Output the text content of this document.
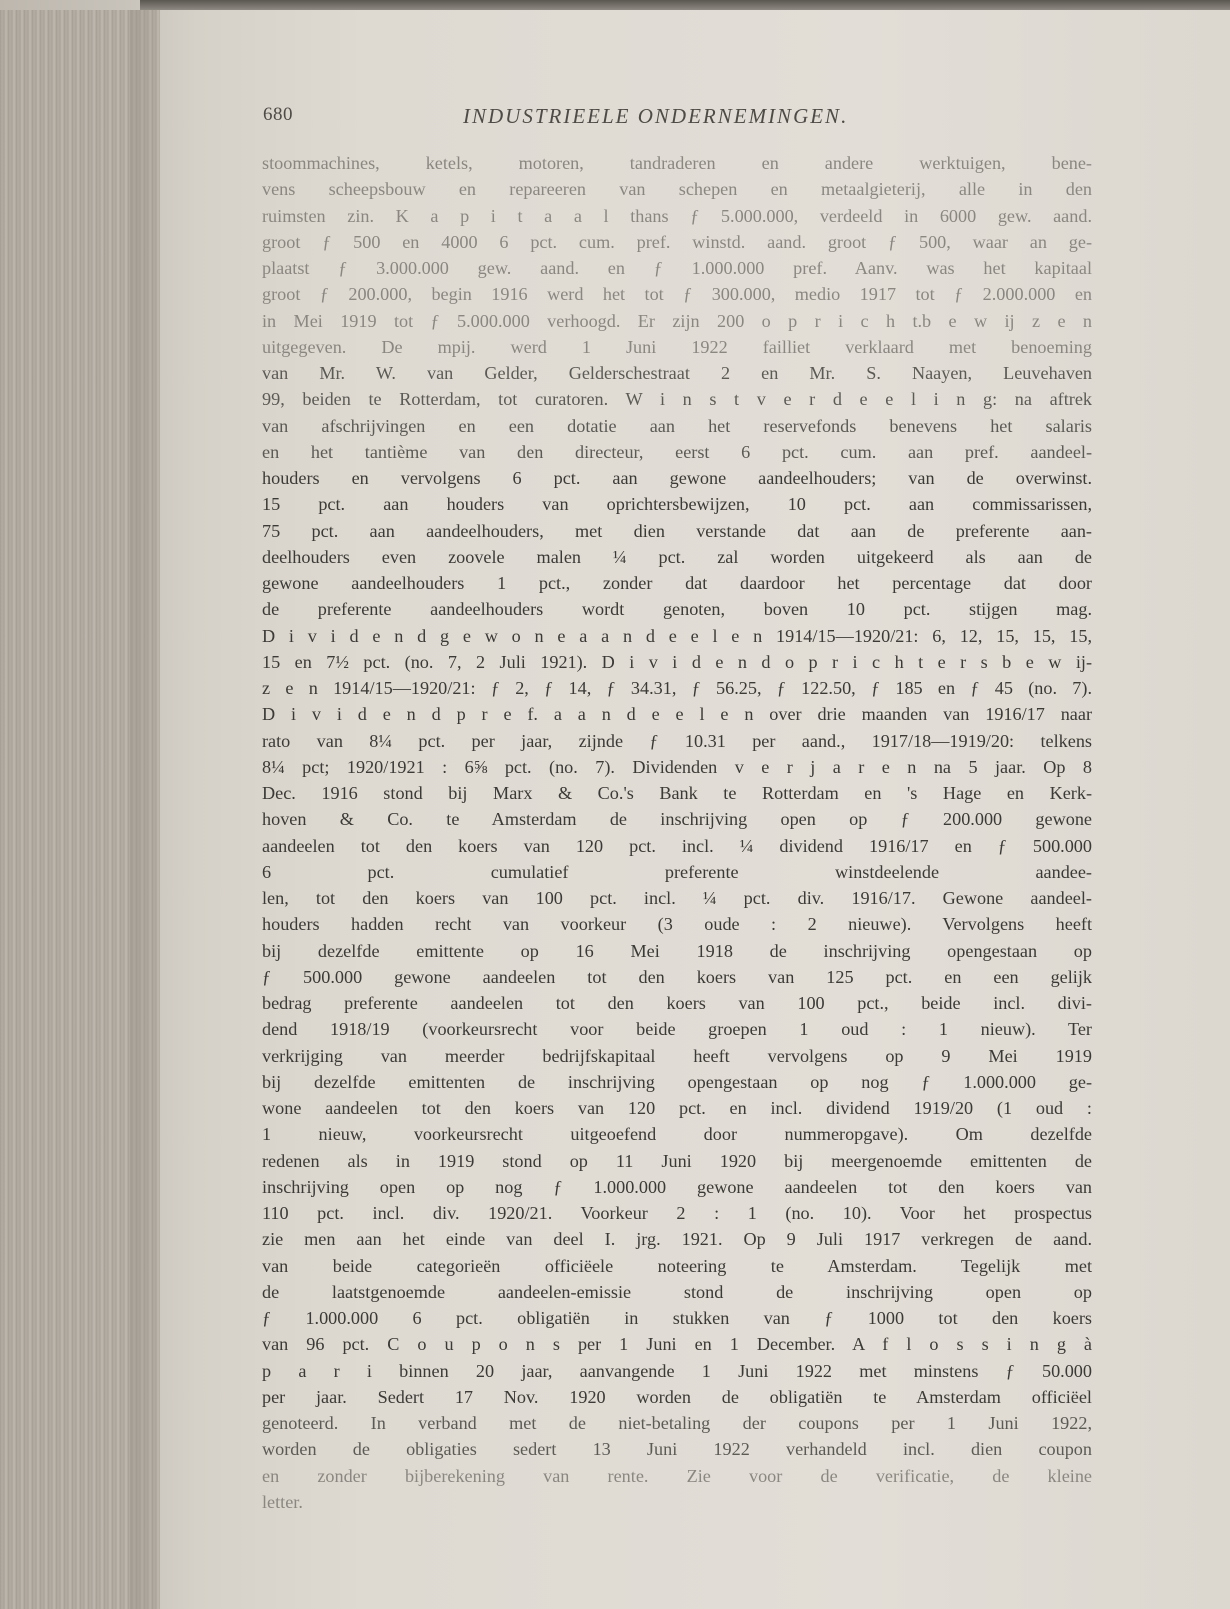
680	INDUSTRIEELE ONDERNEMINGEN.
stoommachines, ketels, motoren, tandraderen en andere werktuigen, bene-
vens scheepsbouw en repareeren van schepen en metaalgieterij, alle in den
ruimsten zin. K a p i t a a l thans ƒ 5.000.000, verdeeld in 6000 gew. aand.
groot ƒ 500 en 4000 6 pct. cum. pref. winstd. aand. groot ƒ 500, waar an ge-
plaatst ƒ 3.000.000 gew. aand. en ƒ 1.000.000 pref. Aanv. was het kapitaal
groot ƒ 200.000, begin 1916 werd het tot ƒ 300.000, medio 1917 tot ƒ 2.000.000 en
in Mei 1919 tot ƒ 5.000.000 verhoogd. Er zijn 200 o p r i c h t.b e w ij z e n
uitgegeven. De mpij. werd 1 Juni 1922 failliet verklaard met benoeming
van Mr. W. van Gelder, Gelderschestraat 2 en Mr. S. Naayen, Leuvehaven
99, beiden te Rotterdam, tot curatoren. W i n s t v e r d e e l i n g: na aftrek
van afschrijvingen en een dotatie aan het reservefonds benevens het salaris
en het tantième van den directeur, eerst 6 pct. cum. aan pref. aandeel-
houders en vervolgens 6 pct. aan gewone aandeelhouders; van de overwinst.
15 pct. aan houders van oprichtersbewijzen, 10 pct. aan commissarissen,
75 pct. aan aandeelhouders, met dien verstande dat aan de preferente aan-
deelhouders even zoovele malen ¼ pct. zal worden uitgekeerd als aan de
gewone aandeelhouders 1 pct., zonder dat daardoor het percentage dat door
de preferente aandeelhouders wordt genoten, boven 10 pct. stijgen mag.
D i v i d e n d g e w o n e a a n d e e l e n 1914/15—1920/21: 6, 12, 15, 15, 15,
15 en 7½ pct. (no. 7, 2 Juli 1921). D i v i d e n d o p r i c h t e r s b e w ij-
z e n 1914/15—1920/21: ƒ 2, ƒ 14, ƒ 34.31, ƒ 56.25, ƒ 122.50, ƒ 185 en ƒ 45 (no. 7).
D i v i d e n d p r e f. a a n d e e l e n over drie maanden van 1916/17 naar
rato van 8¼ pct. per jaar, zijnde ƒ 10.31 per aand., 1917/18—1919/20: telkens
8¼ pct; 1920/1921 : 6⅝ pct. (no. 7). Dividenden v e r j a r e n na 5 jaar. Op 8
Dec. 1916 stond bij Marx & Co.'s Bank te Rotterdam en 's Hage en Kerk-
hoven & Co. te Amsterdam de inschrijving open op ƒ 200.000 gewone
aandeelen tot den koers van 120 pct. incl. ¼ dividend 1916/17 en ƒ 500.000
6 pct. cumulatief preferente winstdeelende aandee-
len, tot den koers van 100 pct. incl. ¼ pct. div. 1916/17. Gewone aandeel-
houders hadden recht van voorkeur (3 oude : 2 nieuwe). Vervolgens heeft
bij dezelfde emittente op 16 Mei 1918 de inschrijving opengestaan op
ƒ 500.000 gewone aandeelen tot den koers van 125 pct. en een gelijk
bedrag preferente aandeelen tot den koers van 100 pct., beide incl. divi-
dend 1918/19 (voorkeursrecht voor beide groepen 1 oud : 1 nieuw). Ter
verkrijging van meerder bedrijfskapitaal heeft vervolgens op 9 Mei 1919
bij dezelfde emittenten de inschrijving opengestaan op nog ƒ 1.000.000 ge-
wone aandeelen tot den koers van 120 pct. en incl. dividend 1919/20 (1 oud :
1 nieuw, voorkeursrecht uitgeoefend door nummeropgave). Om dezelfde
redenen als in 1919 stond op 11 Juni 1920 bij meergenoemde emittenten de
inschrijving open op nog ƒ 1.000.000 gewone aandeelen tot den koers van
110 pct. incl. div. 1920/21. Voorkeur 2 : 1 (no. 10). Voor het prospectus
zie men aan het einde van deel I. jrg. 1921. Op 9 Juli 1917 verkregen de aand.
van beide categorieën officiëele noteering te Amsterdam. Tegelijk met
de laatstgenoemde aandeelen-emissie stond de inschrijving open op
ƒ 1.000.000 6 pct. obligatiën in stukken van ƒ 1000 tot den koers
van 96 pct. C o u p o n s per 1 Juni en 1 December. A f l o s s i n g à
p a r i binnen 20 jaar, aanvangende 1 Juni 1922 met minstens ƒ 50.000
per jaar. Sedert 17 Nov. 1920 worden de obligatiën te Amsterdam officiëel
genoteerd. In verband met de niet-betaling der coupons per 1 Juni 1922,
worden de obligaties sedert 13 Juni 1922 verhandeld incl. dien coupon
en zonder bijberekening van rente. Zie voor de verificatie, de kleine
letter.
